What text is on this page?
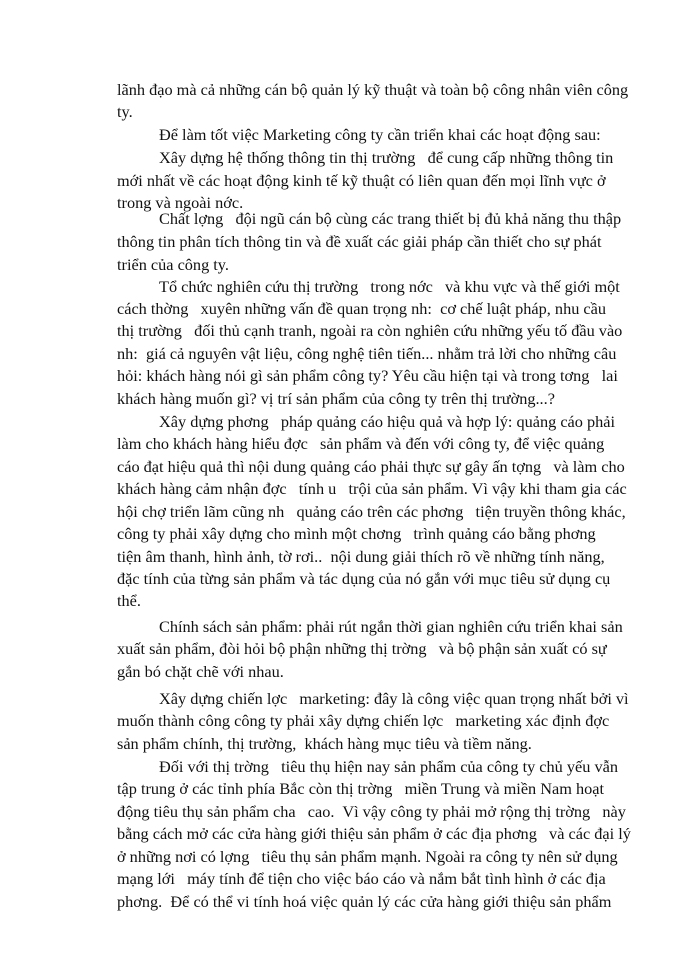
lãnh đạo mà cả những cán bộ quản lý kỹ thuật và toàn bộ công nhân viên công
ty.
Để làm tốt việc Marketing công ty cần triển khai các hoạt động sau:
Xây dựng hệ thống thông tin thị trường   để cung cấp những thông tin
mới nhất về các hoạt động kinh tế kỹ thuật có liên quan đến mọi lĩnh vực ở
trong và ngoài nớc.
Chất lợng   đội ngũ cán bộ cùng các trang thiết bị đủ khả năng thu thập
thông tin phân tích thông tin và đề xuất các giải pháp cần thiết cho sự phát
triển của công ty.
Tổ chức nghiên cứu thị trường   trong nớc   và khu vực và thế giới một
cách thờng   xuyên những vấn đề quan trọng nh:  cơ chế luật pháp, nhu cầu
thị trường   đối thủ cạnh tranh, ngoài ra còn nghiên cứu những yếu tố đầu vào
nh:  giá cả nguyên vật liệu, công nghệ tiên tiến... nhằm trả lời cho những câu
hỏi: khách hàng nói gì sản phẩm công ty? Yêu cầu hiện tại và trong tơng   lai
khách hàng muốn gì? vị trí sản phẩm của công ty trên thị trường...?
Xây dựng phơng   pháp quảng cáo hiệu quả và hợp lý: quảng cáo phải
làm cho khách hàng hiểu đợc   sản phẩm và đến với công ty, để việc quảng
cáo đạt hiệu quả thì nội dung quảng cáo phải thực sự gây ấn tợng   và làm cho
khách hàng cảm nhận đợc   tính u   trội của sản phẩm. Vì vậy khi tham gia các
hội chợ triển lãm cũng nh   quảng cáo trên các phơng   tiện truyền thông khác,
công ty phải xây dựng cho mình một chơng   trình quảng cáo bằng phơng
tiện âm thanh, hình ảnh, tờ rơi..  nội dung giải thích rõ về những tính năng,
đặc tính của từng sản phẩm và tác dụng của nó gắn với mục tiêu sử dụng cụ
thể.
Chính sách sản phẩm: phải rút ngắn thời gian nghiên cứu triển khai sản
xuất sản phẩm, đòi hỏi bộ phận những thị trờng   và bộ phận sản xuất có sự
gắn bó chặt chẽ với nhau.
Xây dựng chiến lợc   marketing: đây là công việc quan trọng nhất bởi vì
muốn thành công công ty phải xây dựng chiến lợc   marketing xác định đợc
sản phẩm chính, thị trường,  khách hàng mục tiêu và tiềm năng.
Đối với thị trờng   tiêu thụ hiện nay sản phẩm của công ty chủ yếu vẫn
tập trung ở các tỉnh phía Bắc còn thị trờng   miền Trung và miền Nam hoạt
động tiêu thụ sản phẩm cha   cao.  Vì vậy công ty phải mở rộng thị trờng   này
bằng cách mở các cửa hàng giới thiệu sản phẩm ở các địa phơng   và các đại lý
ở những nơi có lợng   tiêu thụ sản phẩm mạnh. Ngoài ra công ty nên sử dụng
mạng lới   máy tính để tiện cho việc báo cáo và nắm bắt tình hình ở các địa
phơng.  Để có thể vi tính hoá việc quản lý các cửa hàng giới thiệu sản phẩm
